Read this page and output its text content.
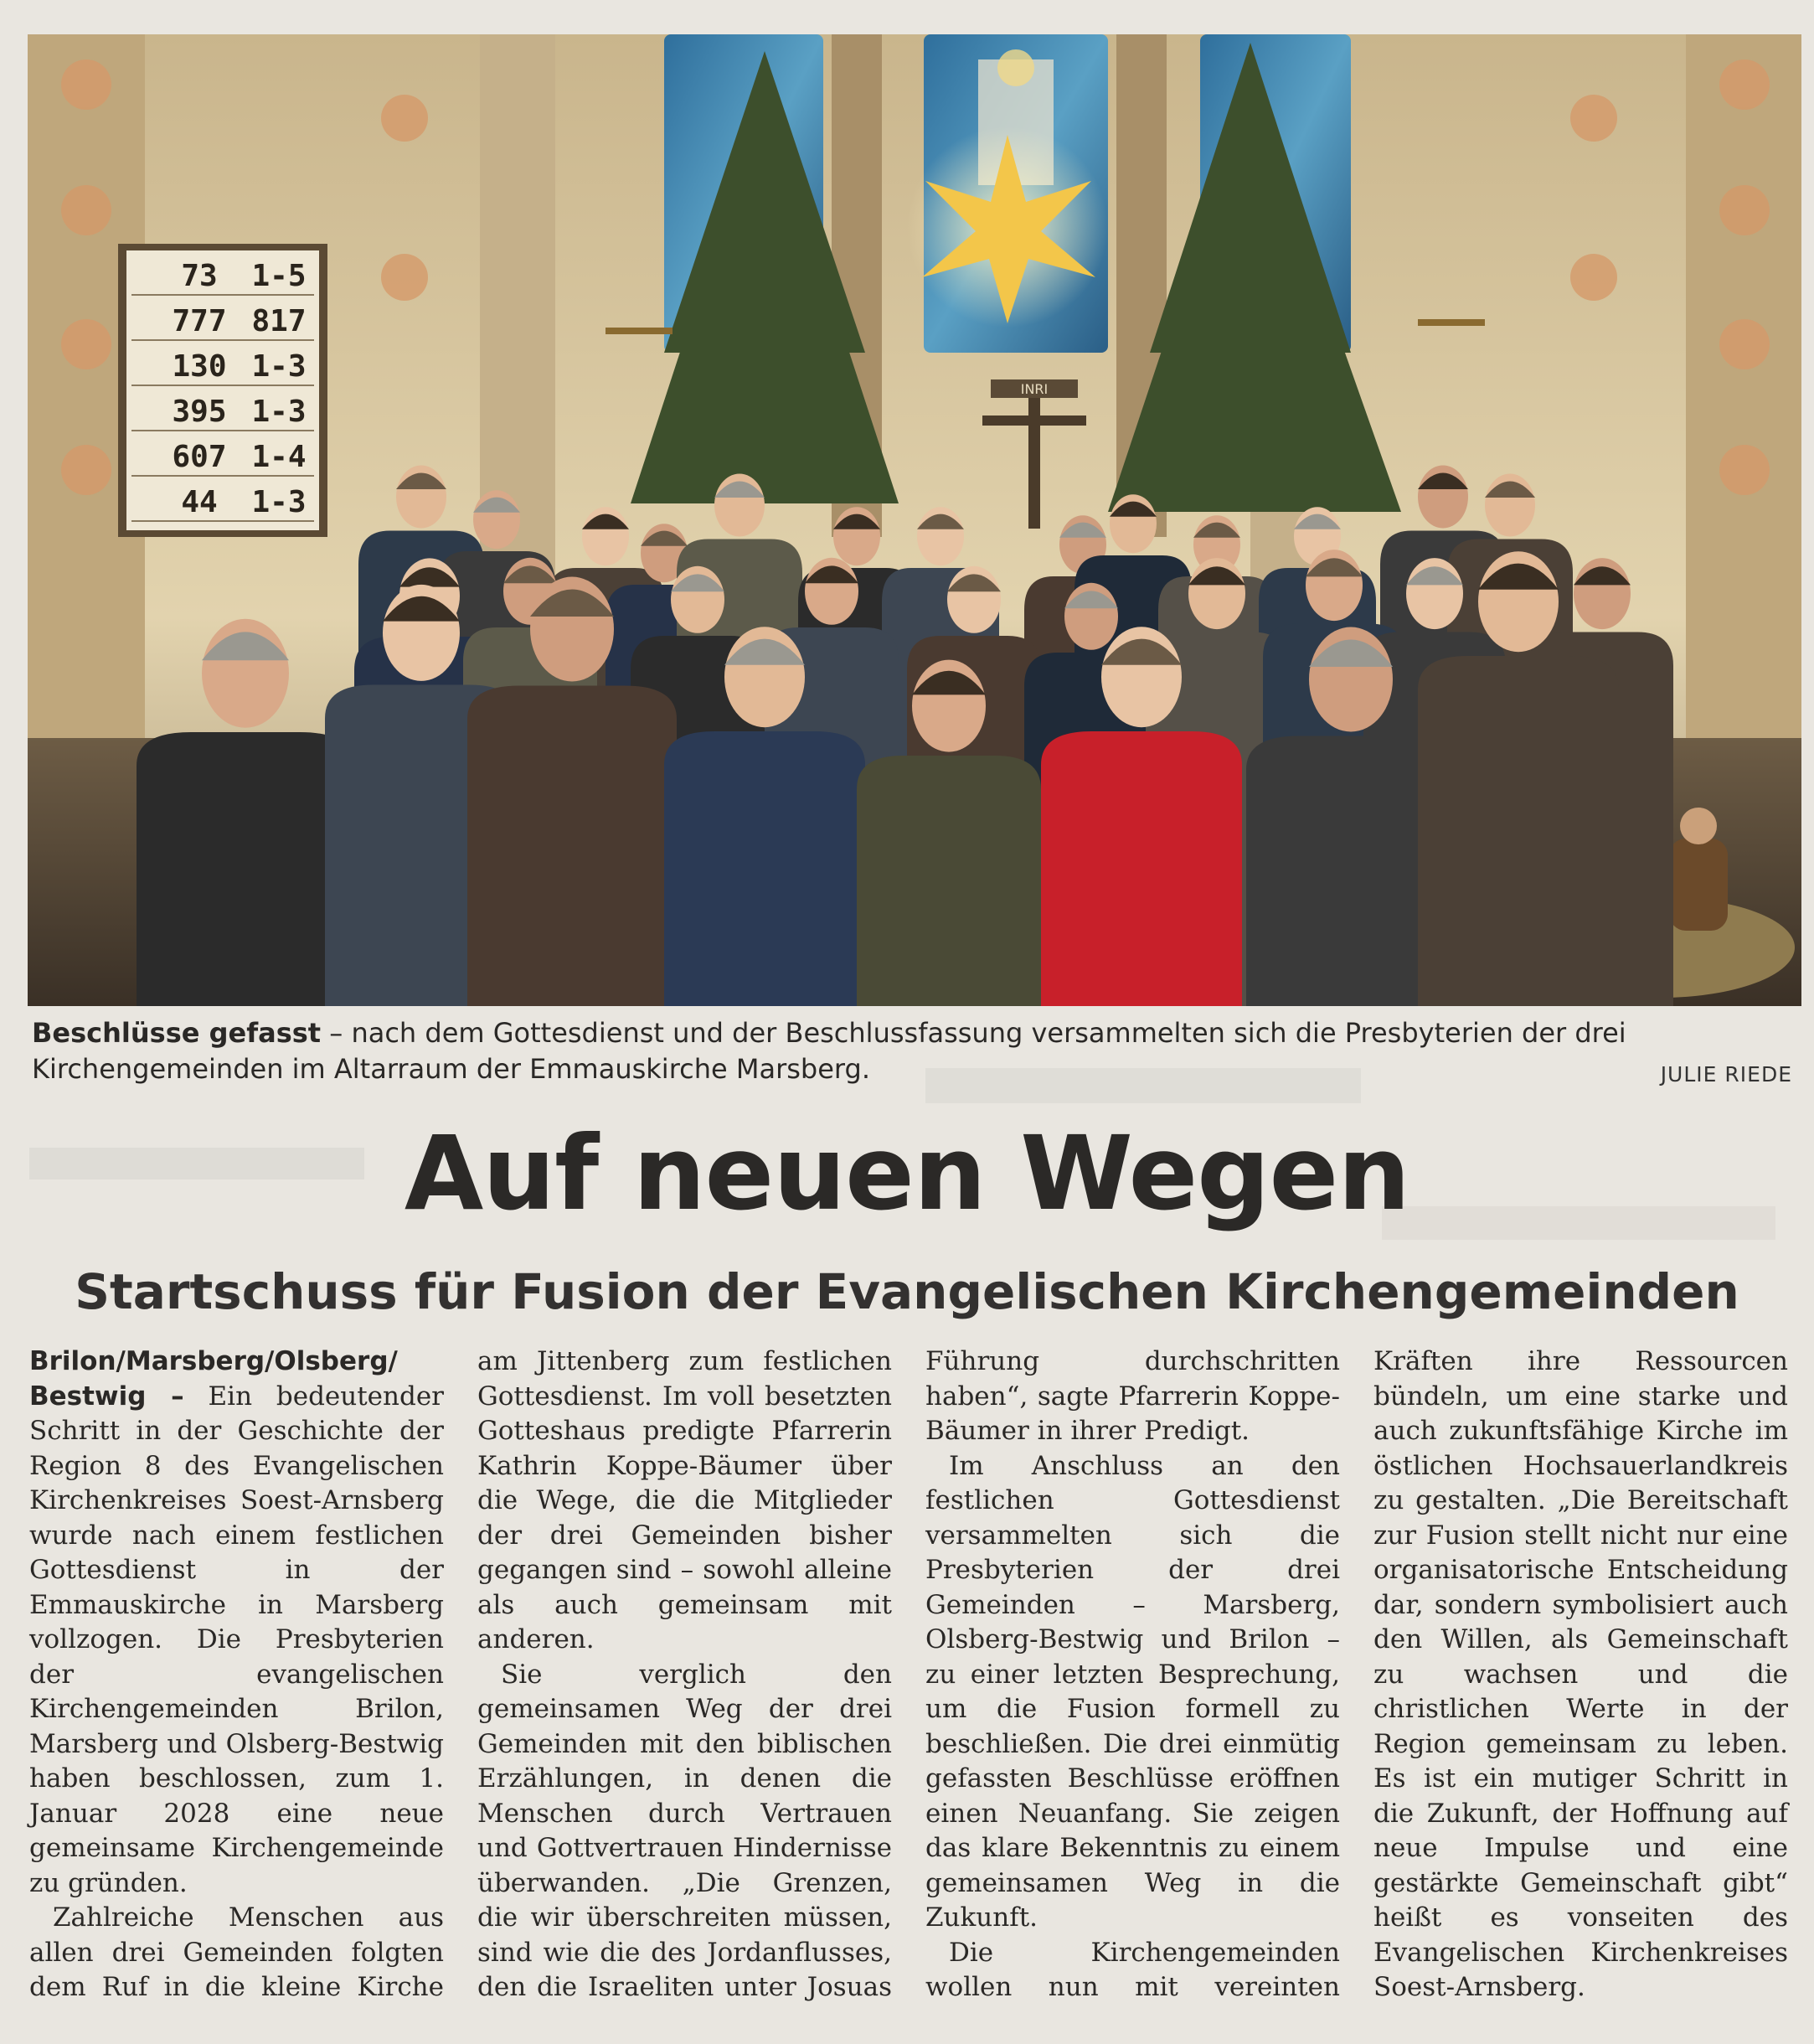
INRI
73 1-5
777 817
130 1-3
395 1-3
607 1-4
44 1-3
Beschlüsse gefasst – nach dem Gottesdienst und der Beschlussfassung versammelten sich die Presbyterien der drei Kirchengemeinden im Altarraum der Emmauskirche Marsberg.	JULIE RIEDE
Auf neuen Wegen
Startschuss für Fusion der Evangelischen Kirchengemeinden

Brilon/Marsberg/Olsberg/ Bestwig – Ein bedeutender Schritt in der Geschichte der Region 8 des Evangelischen Kirchenkreises Soest-Arnsberg wurde nach einem festlichen Gottesdienst in der Emmauskirche in Marsberg vollzogen. Die Presbyterien der evangelischen Kirchengemeinden Brilon, Marsberg und Olsberg-Bestwig haben beschlossen, zum 1. Januar 2028 eine neue gemeinsame Kirchengemeinde zu gründen.

Zahlreiche Menschen aus allen drei Gemeinden folgten dem Ruf in die kleine Kirche am Jittenberg zum festlichen Gottesdienst. Im voll besetzten Gotteshaus predigte Pfarrerin Kathrin Koppe-Bäumer über die Wege, die die Mitglieder der drei Gemeinden bisher gegangen sind – sowohl alleine als auch gemeinsam mit anderen.

Sie verglich den gemeinsamen Weg der drei Gemeinden mit den biblischen Erzählungen, in denen die Menschen durch Vertrauen und Gottvertrauen Hindernisse überwanden. „Die Grenzen, die wir überschreiten müssen, sind wie die des Jordanflusses, den die Israeliten unter Josuas Führung durchschritten haben“, sagte Pfarrerin Koppe-Bäumer in ihrer Predigt.

Im Anschluss an den festlichen Gottesdienst versammelten sich die Presbyterien der drei Gemeinden – Marsberg, Olsberg-Bestwig und Brilon – zu einer letzten Besprechung, um die Fusion formell zu beschließen. Die drei einmütig gefassten Beschlüsse eröffnen einen Neuanfang. Sie zeigen das klare Bekenntnis zu einem gemeinsamen Weg in die Zukunft.

Die Kirchengemeinden wollen nun mit vereinten Kräften ihre Ressourcen bündeln, um eine starke und auch zukunftsfähige Kirche im östlichen Hochsauerlandkreis zu gestalten. „Die Bereitschaft zur Fusion stellt nicht nur eine organisatorische Entscheidung dar, sondern symbolisiert auch den Willen, als Gemeinschaft zu wachsen und die christlichen Werte in der Region gemeinsam zu leben. Es ist ein mutiger Schritt in die Zukunft, der Hoffnung auf neue Impulse und eine gestärkte Gemeinschaft gibt“ heißt es vonseiten des Evangelischen Kirchenkreises Soest-Arnsberg.
